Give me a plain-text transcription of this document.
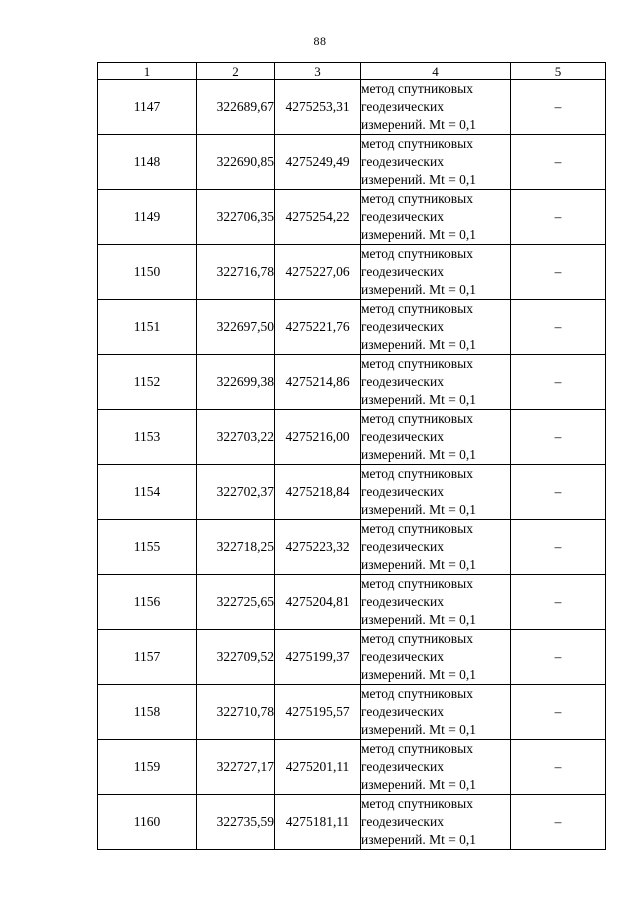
88
1	2	3	4	5
1147	322689,67	4275253,31	метод спутниковых
геодезических
измерений. Mt = 0,1	–
1148	322690,85	4275249,49	метод спутниковых
геодезических
измерений. Mt = 0,1	–
1149	322706,35	4275254,22	метод спутниковых
геодезических
измерений. Mt = 0,1	–
1150	322716,78	4275227,06	метод спутниковых
геодезических
измерений. Mt = 0,1	–
1151	322697,50	4275221,76	метод спутниковых
геодезических
измерений. Mt = 0,1	–
1152	322699,38	4275214,86	метод спутниковых
геодезических
измерений. Mt = 0,1	–
1153	322703,22	4275216,00	метод спутниковых
геодезических
измерений. Mt = 0,1	–
1154	322702,37	4275218,84	метод спутниковых
геодезических
измерений. Mt = 0,1	–
1155	322718,25	4275223,32	метод спутниковых
геодезических
измерений. Mt = 0,1	–
1156	322725,65	4275204,81	метод спутниковых
геодезических
измерений. Mt = 0,1	–
1157	322709,52	4275199,37	метод спутниковых
геодезических
измерений. Mt = 0,1	–
1158	322710,78	4275195,57	метод спутниковых
геодезических
измерений. Mt = 0,1	–
1159	322727,17	4275201,11	метод спутниковых
геодезических
измерений. Mt = 0,1	–
1160	322735,59	4275181,11	метод спутниковых
геодезических
измерений. Mt = 0,1	–
